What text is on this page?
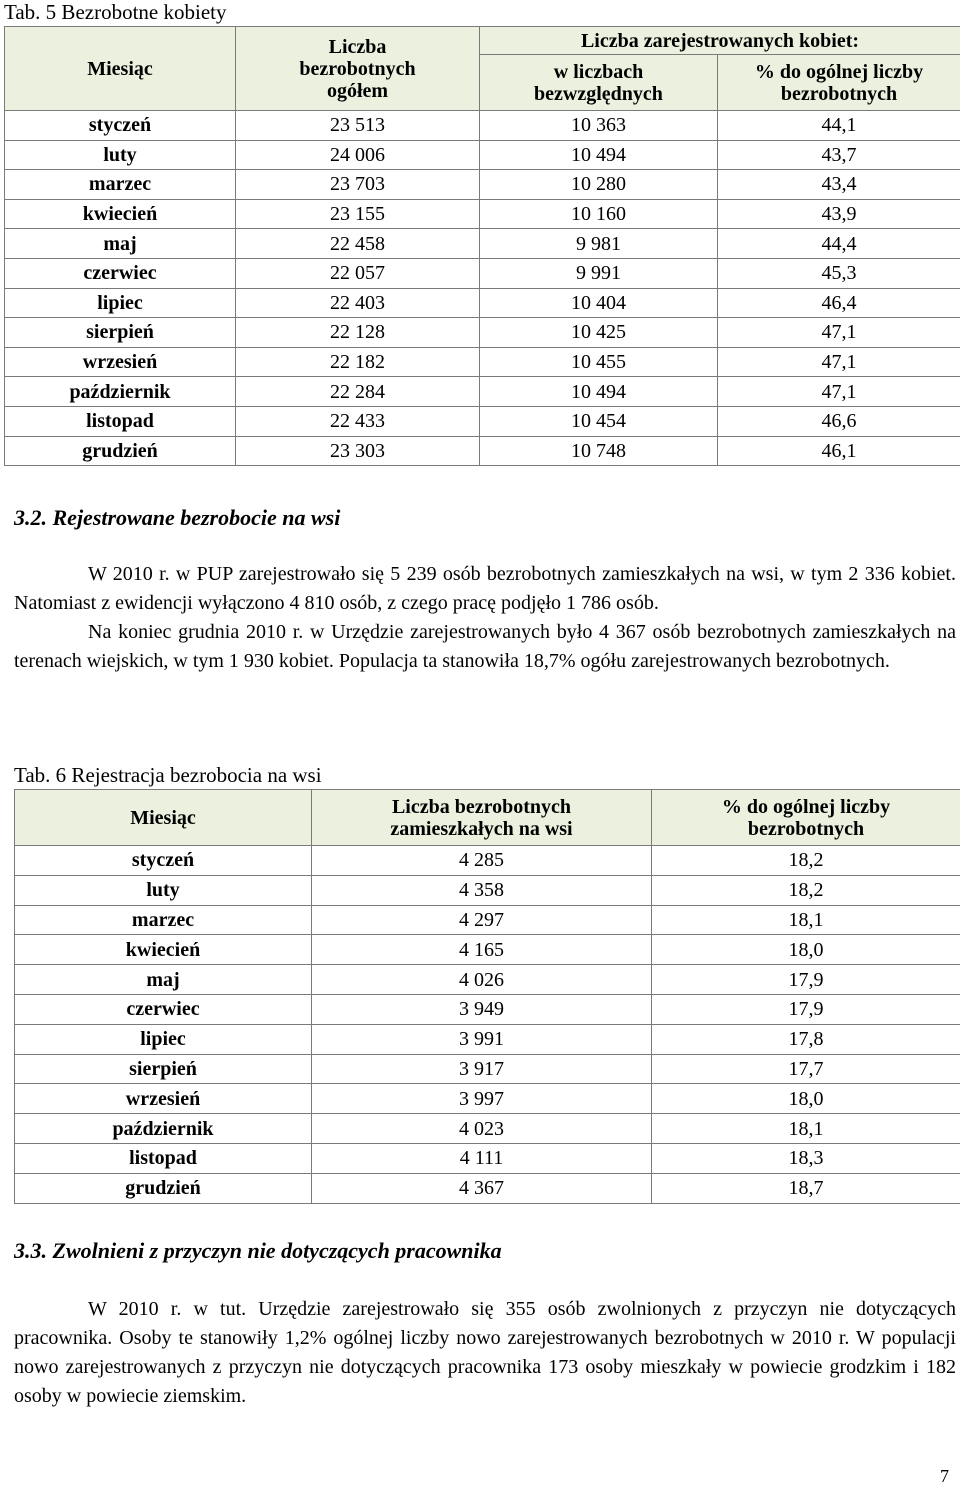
Tab. 5 Bezrobotne kobiety
Miesiąc	Liczba bezrobotnych ogółem	Liczba zarejestrowanych kobiet:	
		w liczbach bezwzględnych	% do ogólnej liczby bezrobotnych
styczeń	23 513	10 363	44,1
luty	24 006	10 494	43,7
marzec	23 703	10 280	43,4
kwiecień	23 155	10 160	43,9
maj	22 458	9 981	44,4
czerwiec	22 057	9 991	45,3
lipiec	22 403	10 404	46,4
sierpień	22 128	10 425	47,1
wrzesień	22 182	10 455	47,1
październik	22 284	10 494	47,1
listopad	22 433	10 454	46,6
grudzień	23 303	10 748	46,1
3.2. Rejestrowane bezrobocie na wsi

W 2010 r. w PUP zarejestrowało się 5 239 osób bezrobotnych zamieszkałych na wsi, w tym 2 336 kobiet. Natomiast z ewidencji wyłączono 4 810 osób, z czego pracę podjęło 1 786 osób.

Na koniec grudnia 2010 r. w Urzędzie zarejestrowanych było 4 367 osób bezrobotnych zamieszkałych na terenach wiejskich, w tym 1 930 kobiet. Populacja ta stanowiła 18,7% ogółu zarejestrowanych bezrobotnych.

Tab. 6 Rejestracja bezrobocia na wsi
Miesiąc	Liczba bezrobotnych zamieszkałych na wsi	% do ogólnej liczby bezrobotnych
styczeń	4 285	18,2
luty	4 358	18,2
marzec	4 297	18,1
kwiecień	4 165	18,0
maj	4 026	17,9
czerwiec	3 949	17,9
lipiec	3 991	17,8
sierpień	3 917	17,7
wrzesień	3 997	18,0
październik	4 023	18,1
listopad	4 111	18,3
grudzień	4 367	18,7
3.3. Zwolnieni z przyczyn nie dotyczących pracownika

W 2010 r. w tut. Urzędzie zarejestrowało się 355 osób zwolnionych z przyczyn nie dotyczących pracownika. Osoby te stanowiły 1,2% ogólnej liczby nowo zarejestrowanych bezrobotnych w 2010 r. W populacji nowo zarejestrowanych z przyczyn nie dotyczących pracownika 173 osoby mieszkały w powiecie grodzkim i 182 osoby w powiecie ziemskim.

7
